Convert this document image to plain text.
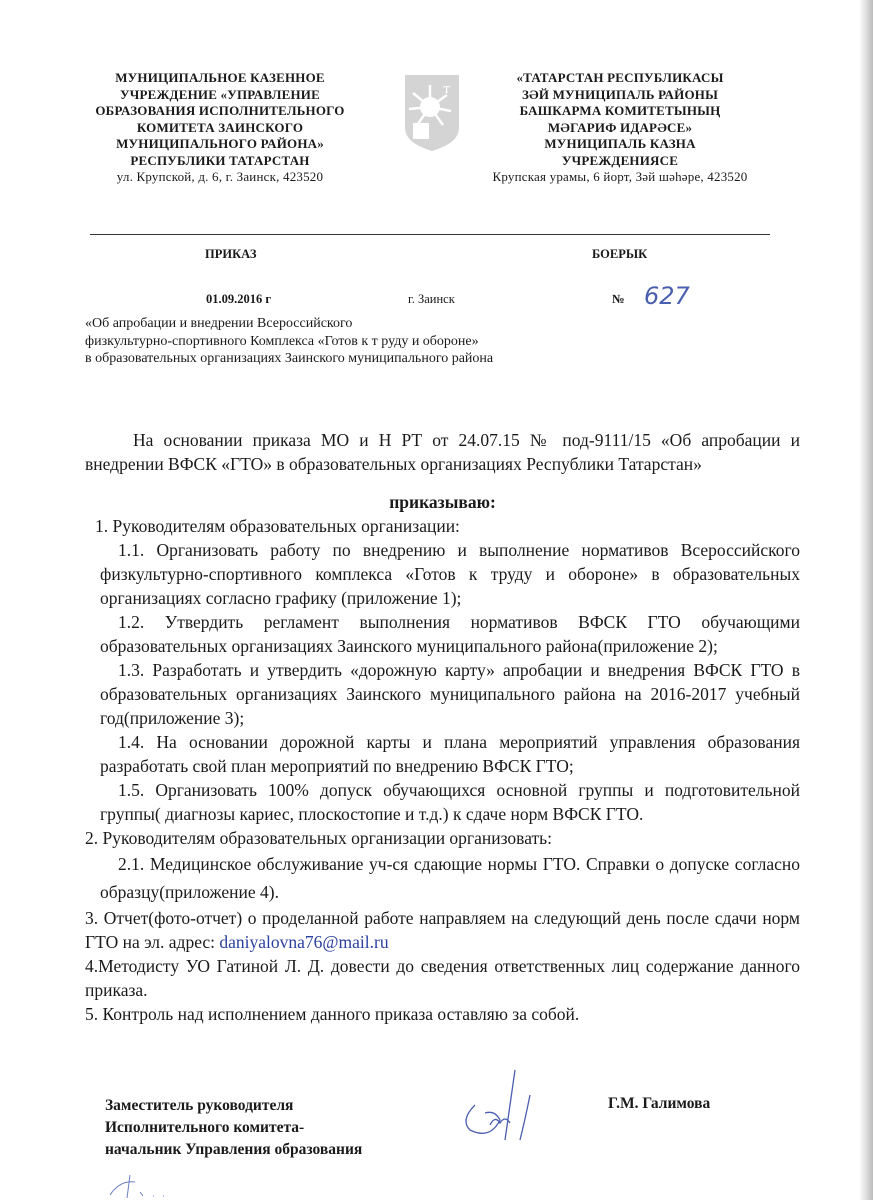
МУНИЦИПАЛЬНОЕ КАЗЕННОЕ
УЧРЕЖДЕНИЕ «УПРАВЛЕНИЕ
ОБРАЗОВАНИЯ ИСПОЛНИТЕЛЬНОГО
КОМИТЕТА ЗАИНСКОГО
МУНИЦИПАЛЬНОГО РАЙОНА»
РЕСПУБЛИКИ ТАТАРСТАН
ул. Крупской, д. 6, г. Заинск, 423520
т
«ТАТАРСТАН РЕСПУБЛИКАСЫ
ЗӘЙ МУНИЦИПАЛЬ РАЙОНЫ
БАШКАРМА КОМИТЕТЫНЫҢ
МӘГАРИФ ИДАРӘСЕ»
МУНИЦИПАЛЬ КАЗНА
УЧРЕЖДЕНИЯСЕ
Крупская урамы, 6 йорт, Зәй шәһәре, 423520
ПРИКАЗ	БОЕРЫК
01.09.2016 г	г. Заинск	№ 627
«Об апробации и внедрении Всероссийского
физкультурно-спортивного Комплекса «Готов к т руду и обороне»
в образовательных организациях Заинского муниципального района

На основании приказа МО и Н РТ от 24.07.15 № под-9111/15 «Об апробации и внедрении ВФСК «ГТО» в образовательных организациях Республики Татарстан»

приказываю:

1. Руководителям образовательных организации:

1.1. Организовать работу по внедрению и выполнение нормативов Всероссийского физкультурно-спортивного комплекса «Готов к труду и обороне» в образовательных организациях согласно графику (приложение 1);

1.2. Утвердить регламент выполнения нормативов ВФСК ГТО обучающими образовательных организациях Заинского муниципального района(приложение 2);

1.3. Разработать и утвердить «дорожную карту» апробации и внедрения ВФСК ГТО в образовательных организациях Заинского муниципального района на 2016-2017 учебный год(приложение 3);

1.4. На основании дорожной карты и плана мероприятий управления образования разработать свой план мероприятий по внедрению ВФСК ГТО;

1.5. Организовать 100% допуск обучающихся основной группы и подготовительной группы( диагнозы кариес, плоскостопие и т.д.) к сдаче норм ВФСК ГТО.

2. Руководителям образовательных организации организовать:

2.1. Медицинское обслуживание уч-ся сдающие нормы ГТО. Справки о допуске согласно образцу(приложение 4).

3. Отчет(фото-отчет) о проделанной работе направляем на следующий день после сдачи норм ГТО на эл. адрес: daniyalovna76@mail.ru

4.Методисту УО Гатиной Л. Д. довести до сведения ответственных лиц содержание данного приказа.

5. Контроль над исполнением данного приказа оставляю за собой.

Заместитель руководителя
Исполнительного комитета-
начальник Управления образования
Г.М. Галимова
